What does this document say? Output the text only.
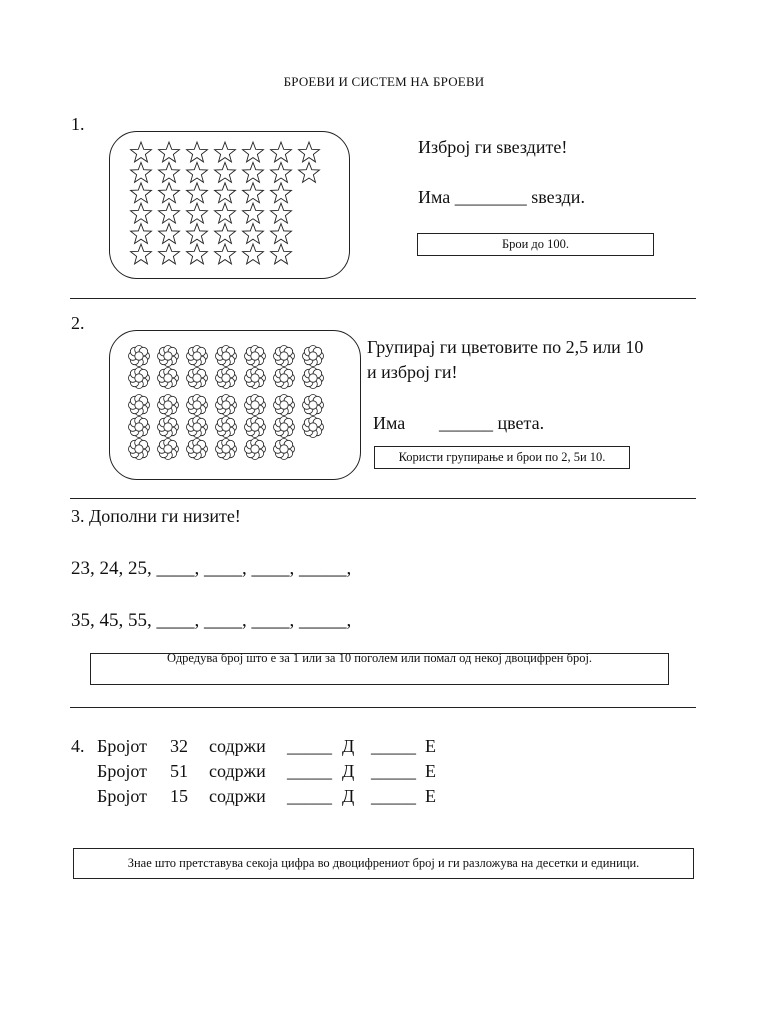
БРОЕВИ И СИСТЕМ НА БРОЕВИ
1.
Изброј ги ѕвездите!
Има ________ ѕвезди.
Брои до 100.
2.
Групирај ги цветовите по 2,5 или 10
и изброј ги!
Има ______ цвета.
Користи групирање и брои по 2, 5и 10.
3. Дополни ги низите!
23, 24, 25, ____, ____, ____, _____,
35, 45, 55, ____, ____, ____, _____,
Одредува број што е за 1 или за 10 поголем или помал од некој двоцифрен број.
4. Бројот 32 содржи _____ Д _____ Е
Бројот 51 содржи _____ Д _____ Е
Бројот 15 содржи _____ Д _____ Е
Знае што претставува секоја цифра во двоцифрениот број и ги разложува на десетки и единици.
